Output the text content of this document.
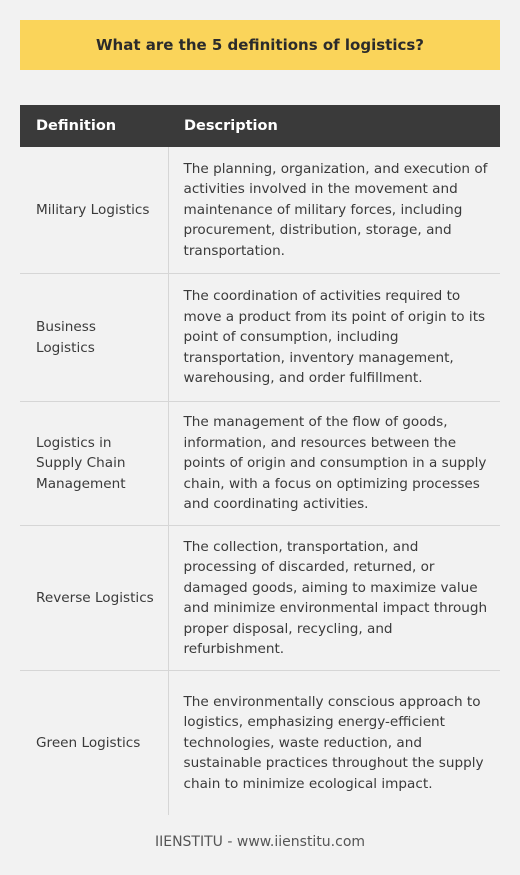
What are the 5 definitions of logistics?
Definition	Description
Military Logistics	The planning, organization, and execution of activities involved in the movement and maintenance of military forces, including procurement, distribution, storage, and transportation.
Business Logistics	The coordination of activities required to move a product from its point of origin to its point of consumption, including transportation, inventory management, warehousing, and order fulfillment.
Logistics in Supply Chain Management	The management of the flow of goods, information, and resources between the points of origin and consumption in a supply chain, with a focus on optimizing processes and coordinating activities.
Reverse Logistics	The collection, transportation, and processing of discarded, returned, or damaged goods, aiming to maximize value and minimize environmental impact through proper disposal, recycling, and refurbishment.
Green Logistics	The environmentally conscious approach to logistics, emphasizing energy-efficient technologies, waste reduction, and sustainable practices throughout the supply chain to minimize ecological impact.
IIENSTITU - www.iienstitu.com
